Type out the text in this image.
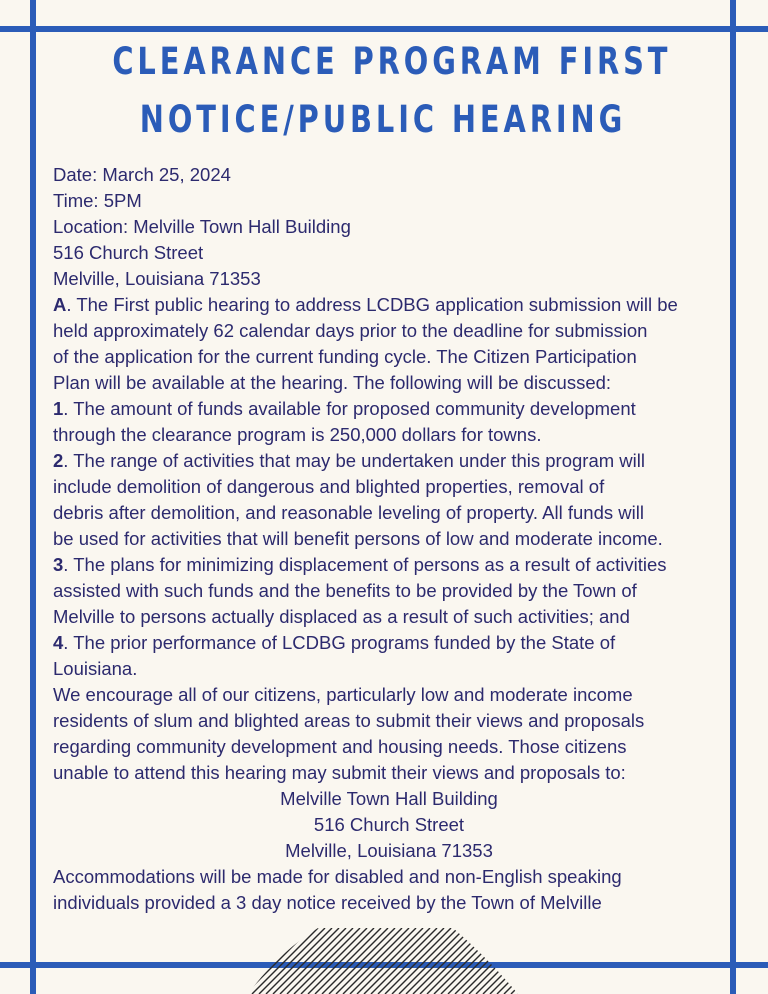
CLEARANCE PROGRAM FIRST
NOTICE/PUBLIC HEARING
Date: March 25, 2024
Time: 5PM
Location: Melville Town Hall Building
516 Church Street
Melville, Louisiana 71353
A. The First public hearing to address LCDBG application submission will be
held approximately 62 calendar days prior to the deadline for submission
of the application for the current funding cycle. The Citizen Participation
Plan will be available at the hearing. The following will be discussed:
1. The amount of funds available for proposed community development
through the clearance program is 250,000 dollars for towns.
2. The range of activities that may be undertaken under this program will
include demolition of dangerous and blighted properties, removal of
debris after demolition, and reasonable leveling of property. All funds will
be used for activities that will benefit persons of low and moderate income.
3. The plans for minimizing displacement of persons as a result of activities
assisted with such funds and the benefits to be provided by the Town of
Melville to persons actually displaced as a result of such activities; and
4. The prior performance of LCDBG programs funded by the State of
Louisiana.
We encourage all of our citizens, particularly low and moderate income
residents of slum and blighted areas to submit their views and proposals
regarding community development and housing needs. Those citizens
unable to attend this hearing may submit their views and proposals to:
Melville Town Hall Building
516 Church Street
Melville, Louisiana 71353
Accommodations will be made for disabled and non-English speaking
individuals provided a 3 day notice received by the Town of Melville
